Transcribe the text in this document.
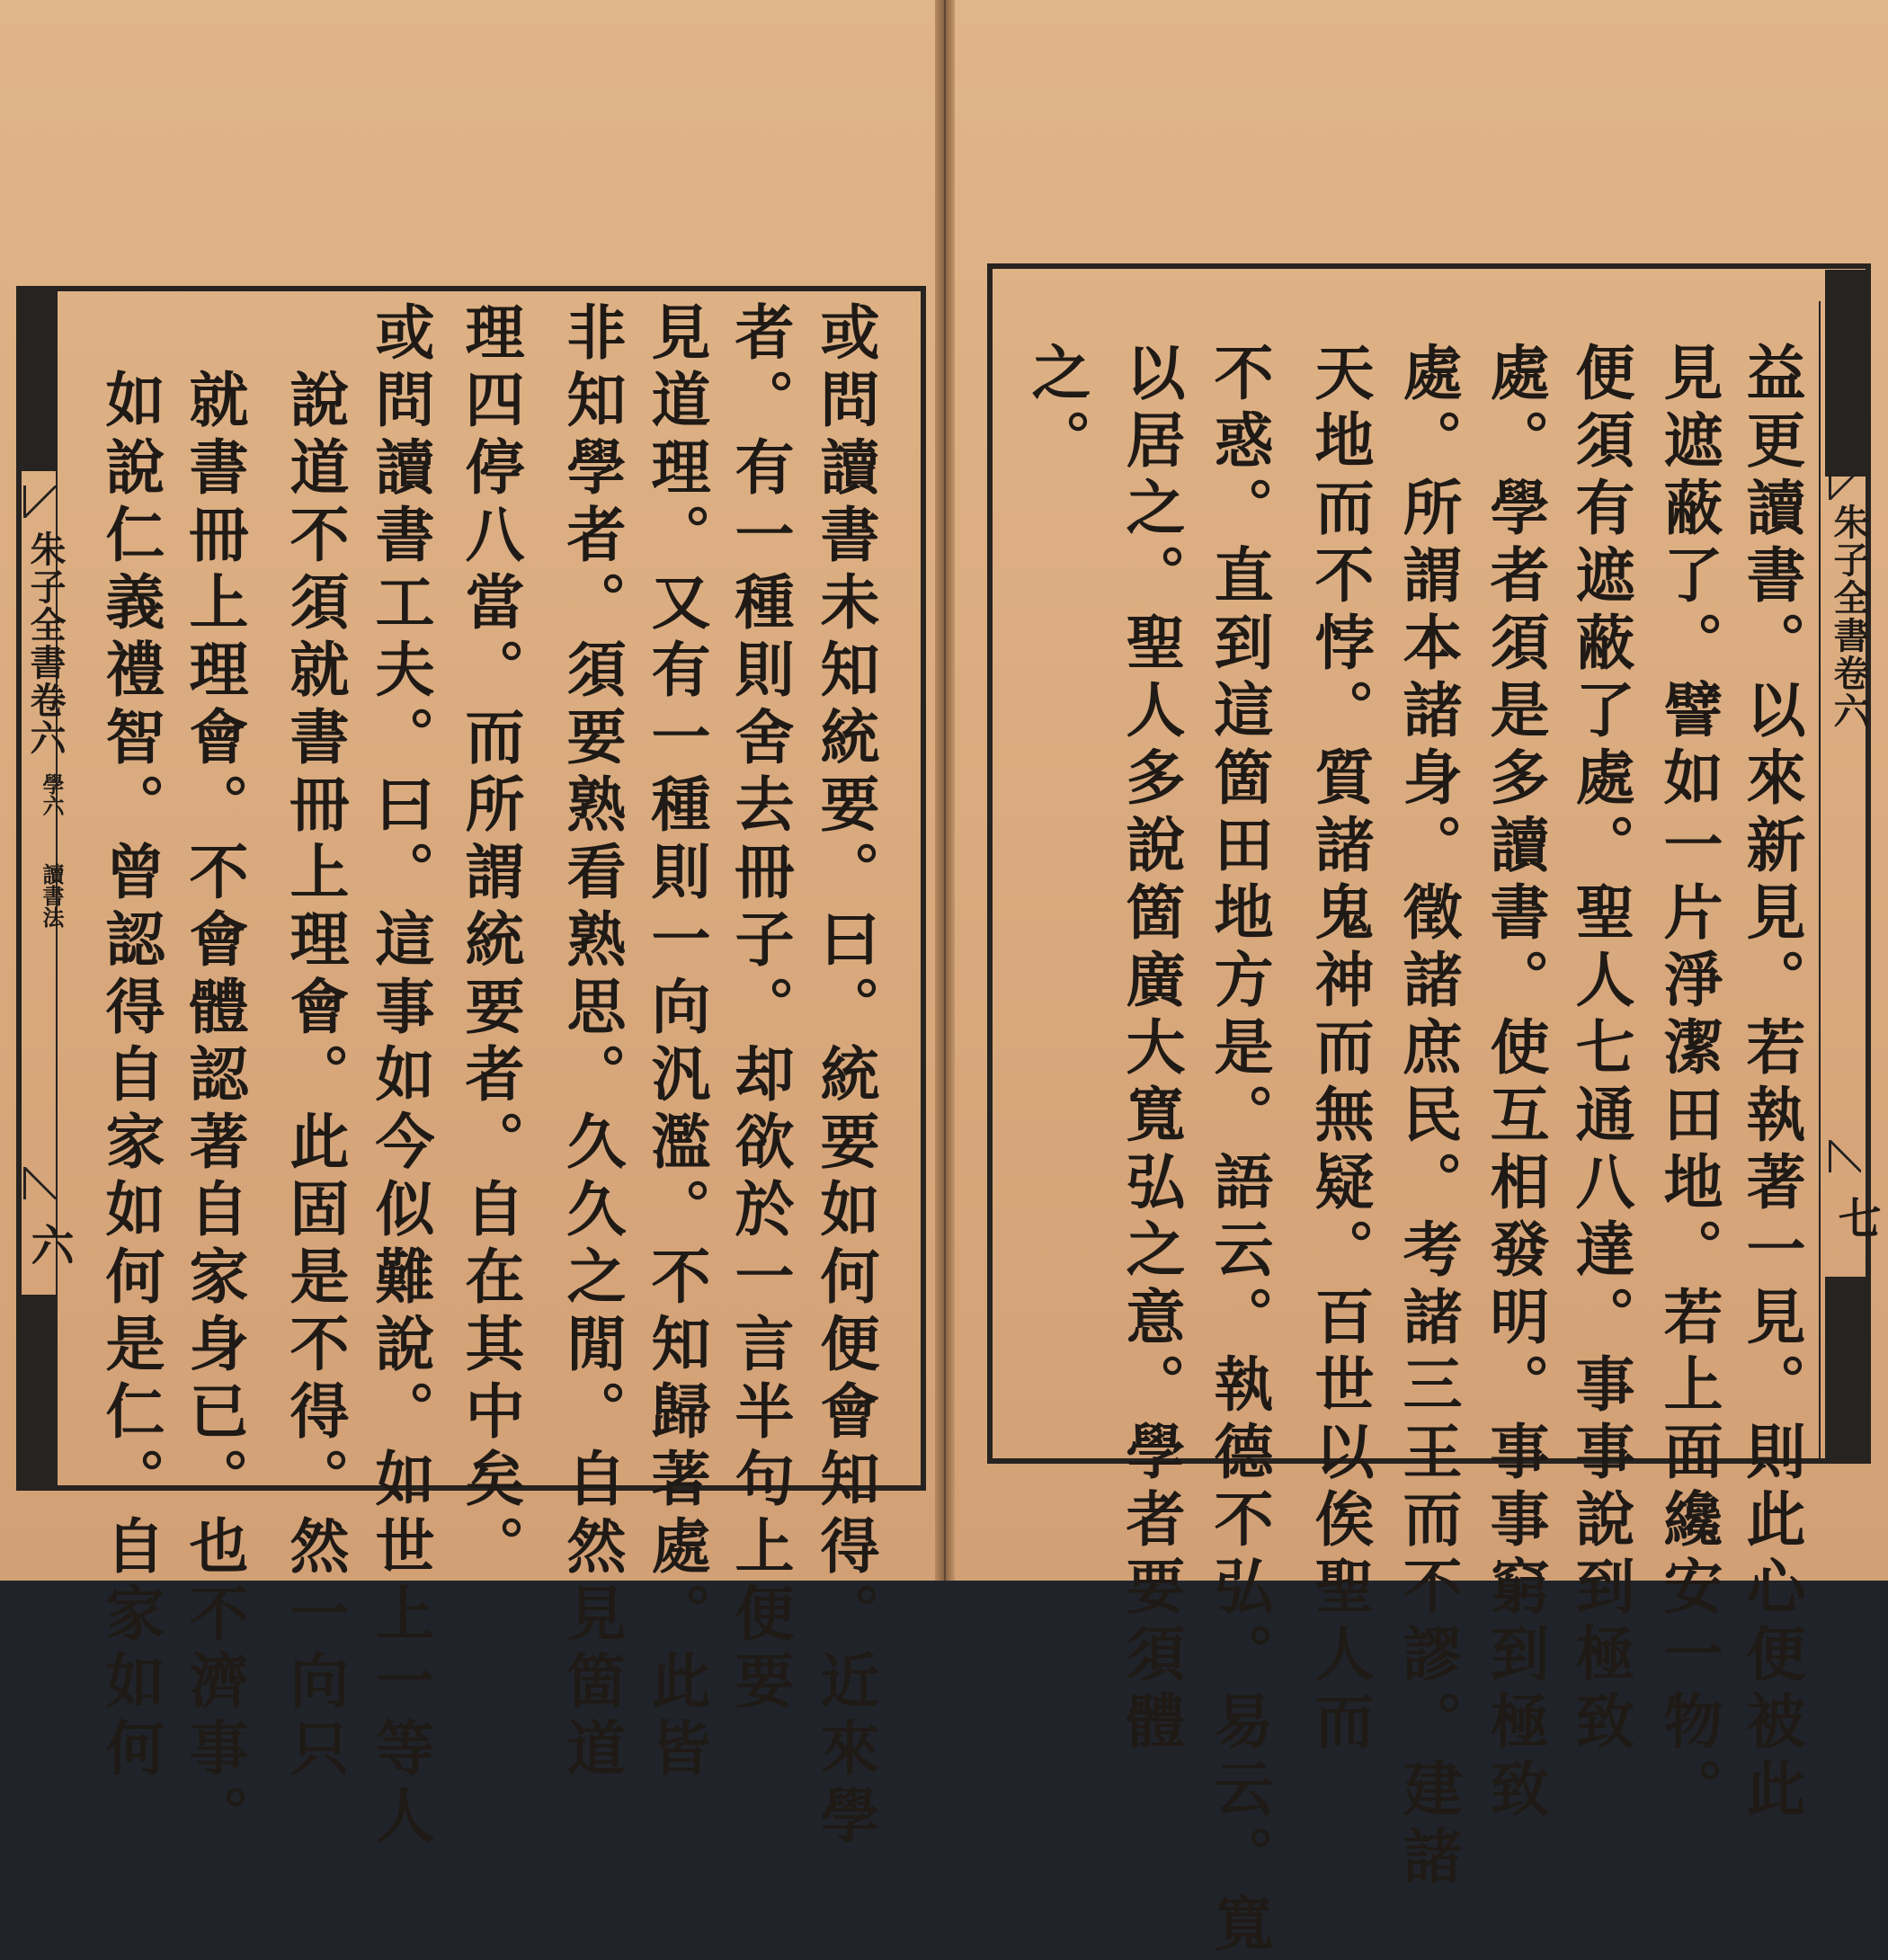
朱子全書卷六
學六
讀書法
六	或問讀書未知統要。曰。統要如何便會知得。近來學
者。有一種則舍去冊子。却欲於一言半句上便要
見道理。又有一種則一向汎濫。不知歸著處。此皆
非知學者。須要熟看熟思。久久之閒。自然見箇道
理四停八當。而所謂統要者。自在其中矣。
或問讀書工夫。曰。這事如今似難說。如世上一等人
說道不須就書冊上理會。此固是不得。然一向只
就書冊上理會。不會體認著自家身已。也不濟事。
如說仁義禮智。曾認得自家如何是仁。自家如何	朱子全書卷六
七
益更讀書。以來新見。若執著一見。則此心便被此
見遮蔽了。譬如一片淨潔田地。若上面纔安一物。
便須有遮蔽了處。聖人七通八達。事事說到極致
處。學者須是多讀書。使互相發明。事事窮到極致
處。所謂本諸身。徵諸庶民。考諸三王而不謬。建諸
天地而不悖。質諸鬼神而無疑。百世以俟聖人而
不惑。直到這箇田地方是。語云。執德不弘。易云。寬
以居之。聖人多說箇廣大寬弘之意。學者要須體
之。
